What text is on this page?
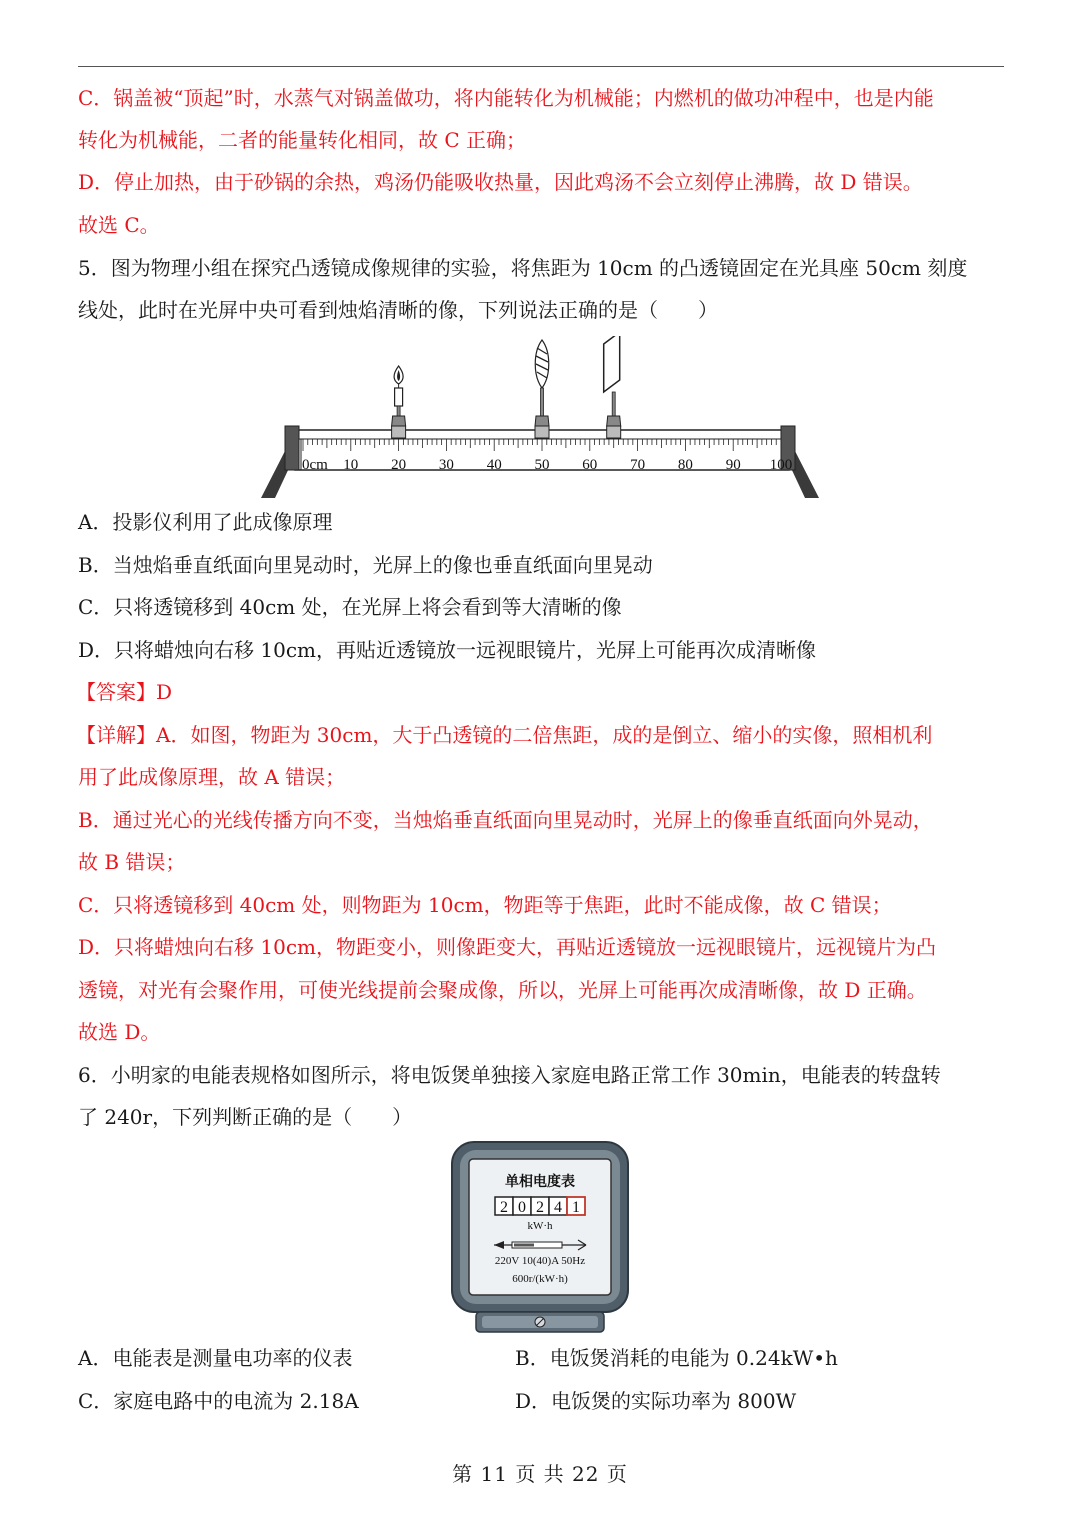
C．锅盖被“顶起”时，水蒸气对锅盖做功，将内能转化为机械能；内燃机的做功冲程中，也是内能
转化为机械能，二者的能量转化相同，故 C 正确；
D．停止加热，由于砂锅的余热，鸡汤仍能吸收热量，因此鸡汤不会立刻停止沸腾，故 D 错误。
故选 C。
5．图为物理小组在探究凸透镜成像规律的实验，将焦距为 10cm 的凸透镜固定在光具座 50cm 刻度
线处，此时在光屏中央可看到烛焰清晰的像，下列说法正确的是（　　）
0cm 10 20 30 40 50 60 70 80 90 100
A．投影仪利用了此成像原理
B．当烛焰垂直纸面向里晃动时，光屏上的像也垂直纸面向里晃动
C．只将透镜移到 40cm 处，在光屏上将会看到等大清晰的像
D．只将蜡烛向右移 10cm，再贴近透镜放一远视眼镜片，光屏上可能再次成清晰像
【答案】D
【详解】A．如图，物距为 30cm，大于凸透镜的二倍焦距，成的是倒立、缩小的实像，照相机利
用了此成像原理，故 A 错误；
B．通过光心的光线传播方向不变，当烛焰垂直纸面向里晃动时，光屏上的像垂直纸面向外晃动，
故 B 错误；
C．只将透镜移到 40cm 处，则物距为 10cm，物距等于焦距，此时不能成像，故 C 错误；
D．只将蜡烛向右移 10cm，物距变小，则像距变大，再贴近透镜放一远视眼镜片，远视镜片为凸
透镜，对光有会聚作用，可使光线提前会聚成像，所以，光屏上可能再次成清晰像，故 D 正确。
故选 D。
6．小明家的电能表规格如图所示，将电饭煲单独接入家庭电路正常工作 30min，电能表的转盘转
了 240r，下列判断正确的是（　　）
单相电度表
2 0 2 4 1
kW·h
220V 10(40)A 50Hz
600r/(kW·h)
A．电能表是测量电功率的仪表	B．电饭煲消耗的电能为 0.24kW•h
C．家庭电路中的电流为 2.18A	D．电饭煲的实际功率为 800W
第 11 页 共 22 页
